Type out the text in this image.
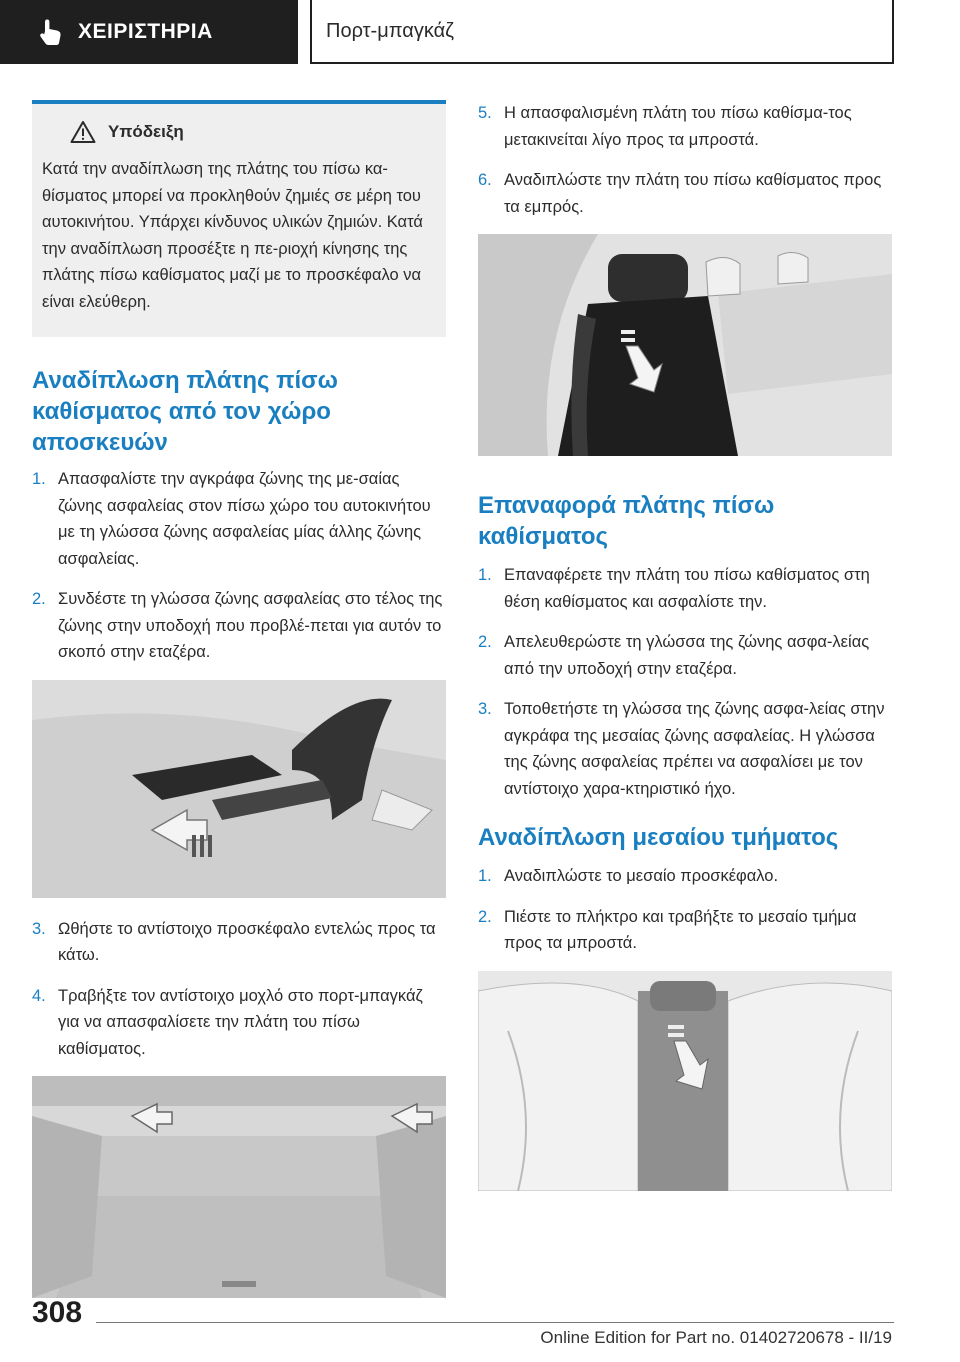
ΧΕΙΡΙΣΤΗΡΙΑ	Πορτ-μπαγκάζ
Υπόδειξη
Κατά την αναδίπλωση της πλάτης του πίσω κα-θίσματος μπορεί να προκληθούν ζημιές σε μέρη του αυτοκινήτου. Υπάρχει κίνδυνος υλικών ζημιών. Κατά την αναδίπλωση προσέξτε η πε-ριοχή κίνησης της πλάτης πίσω καθίσματος μαζί με το προσκέφαλο να είναι ελεύθερη.
Αναδίπλωση πλάτης πίσω καθίσματος από τον χώρο αποσκευών
1. Απασφαλίστε την αγκράφα ζώνης της με-σαίας ζώνης ασφαλείας στον πίσω χώρο του αυτοκινήτου με τη γλώσσα ζώνης ασφαλείας μίας άλλης ζώνης ασφαλείας.
2. Συνδέστε τη γλώσσα ζώνης ασφαλείας στο τέλος της ζώνης στην υποδοχή που προβλέ-πεται για αυτόν το σκοπό στην εταζέρα.
3. Ωθήστε το αντίστοιχο προσκέφαλο εντελώς προς τα κάτω.
4. Τραβήξτε τον αντίστοιχο μοχλό στο πορτ-μπαγκάζ για να απασφαλίσετε την πλάτη του πίσω καθίσματος.
5. Η απασφαλισμένη πλάτη του πίσω καθίσμα-τος μετακινείται λίγο προς τα μπροστά.
6. Αναδιπλώστε την πλάτη του πίσω καθίσματος προς τα εμπρός.
Επαναφορά πλάτης πίσω καθίσματος
1. Επαναφέρετε την πλάτη του πίσω καθίσματος στη θέση καθίσματος και ασφαλίστε την.
2. Απελευθερώστε τη γλώσσα της ζώνης ασφα-λείας από την υποδοχή στην εταζέρα.
3. Τοποθετήστε τη γλώσσα της ζώνης ασφα-λείας στην αγκράφα της μεσαίας ζώνης ασφαλείας. Η γλώσσα της ζώνης ασφαλείας πρέπει να ασφαλίσει με τον αντίστοιχο χαρα-κτηριστικό ήχο.
Αναδίπλωση μεσαίου τμήματος
1. Αναδιπλώστε το μεσαίο προσκέφαλο.
2. Πιέστε το πλήκτρο και τραβήξτε το μεσαίο τμήμα προς τα μπροστά.
308
Online Edition for Part no. 01402720678 - II/19
